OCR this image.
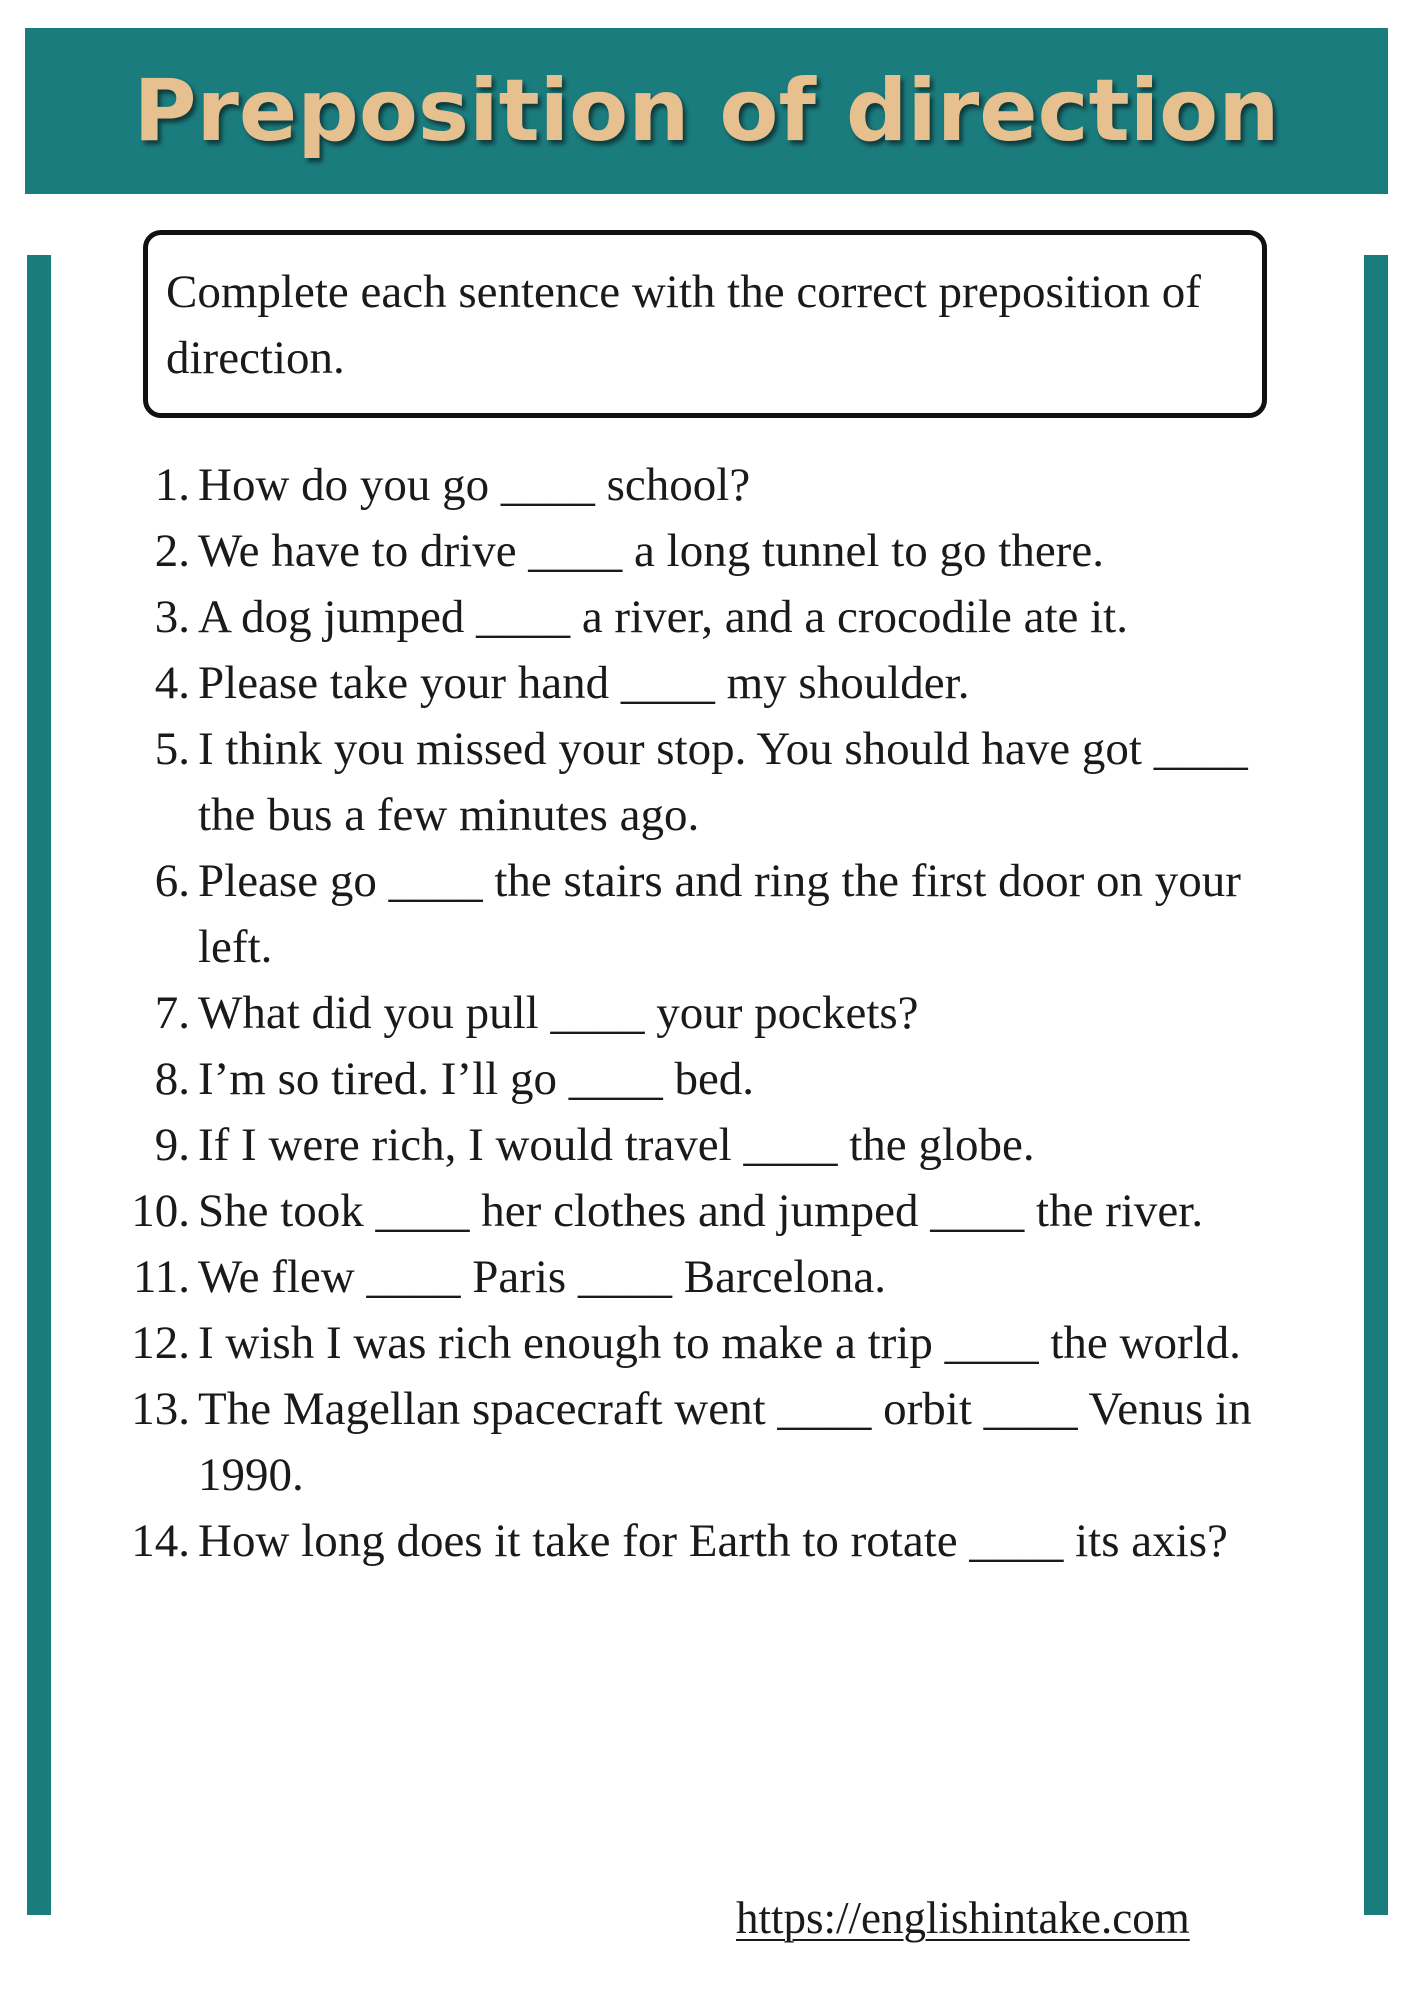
Preposition of direction

Complete each sentence with the correct preposition of direction.

1. How do you go ____ school?
2. We have to drive ____ a long tunnel to go there.
3. A dog jumped ____ a river, and a crocodile ate it.
4. Please take your hand ____ my shoulder.
5. I think you missed your stop. You should have got ____ the bus a few minutes ago.
6. Please go ____ the stairs and ring the first door on your left.
7. What did you pull ____ your pockets?
8. I’m so tired. I’ll go ____ bed.
9. If I were rich, I would travel ____ the globe.
10. She took ____ her clothes and jumped ____ the river.
11. We flew ____ Paris ____ Barcelona.
12. I wish I was rich enough to make a trip ____ the world.
13. The Magellan spacecraft went ____ orbit ____ Venus in 1990.
14. How long does it take for Earth to rotate ____ its axis?
https://englishintake.com
